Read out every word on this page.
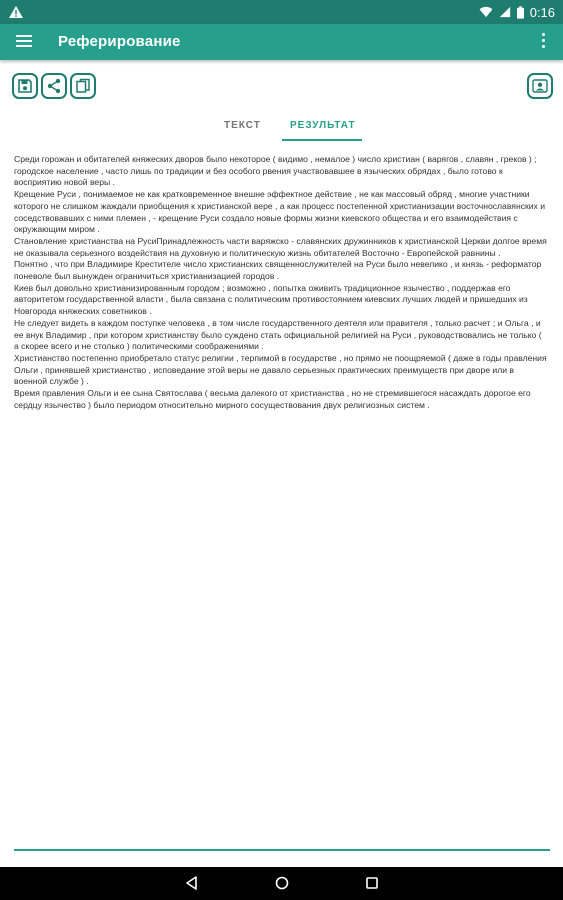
0:16
Реферирование
ТЕКСТ	РЕЗУЛЬТАТ

Среди горожан и обитателей княжеских дворов было некоторое ( видимо , немалое ) число христиан ( варягов , славян , греков ) ; городское население , часто лишь по традиции и без особого рвения участвовавшее в языческих обрядах , было готово к восприятию новой веры .

Крещение Руси , понимаемое не как кратковременное внешне эффектное действие , не как массовый обряд , многие участники которого не слишком жаждали приобщения к христианской вере , а как процесс постепенной христианизации восточнославянских и соседствовавших с ними племен , - крещение Руси создало новые формы жизни киевского общества и его взаимодействия с окружающим миром .

Становление христианства на РусиПринадлежность части варяжско - славянских дружинников к христианской Церкви долгое время не оказывала серьезного воздействия на духовную и политическую жизнь обитателей Восточно - Европейской равнины .

Понятно , что при Владимире Крестителе число христианских священнослужителей на Руси было невелико , и князь - реформатор поневоле был вынужден ограничиться христианизацией городов .

Киев был довольно христианизированным городом ; возможно , попытка оживить традиционное язычество , поддержав его авторитетом государственной власти , была связана с политическим противостоянием киевских лучших людей и пришедших из Новгорода княжеских советников .

Не следует видеть в каждом поступке человека , в том числе государственного деятеля или правителя , только расчет ; и Ольга , и ее внук Владимир , при котором христианству было суждено стать официальной религией на Руси , руководствовались не только ( а скорее всего и не столько ) политическими соображениями .

Христианство постепенно приобретало статус религии , терпимой в государстве , но прямо не поощряемой ( даже в годы правления Ольги , принявшей христианство , исповедание этой веры не давало серьезных практических преимуществ при дворе или в военной службе ) .

Время правления Ольги и ее сына Святослава ( весьма далекого от христианства , но не стремившегося насаждать дорогое его сердцу язычество ) было периодом относительно мирного сосуществования двух религиозных систем .
